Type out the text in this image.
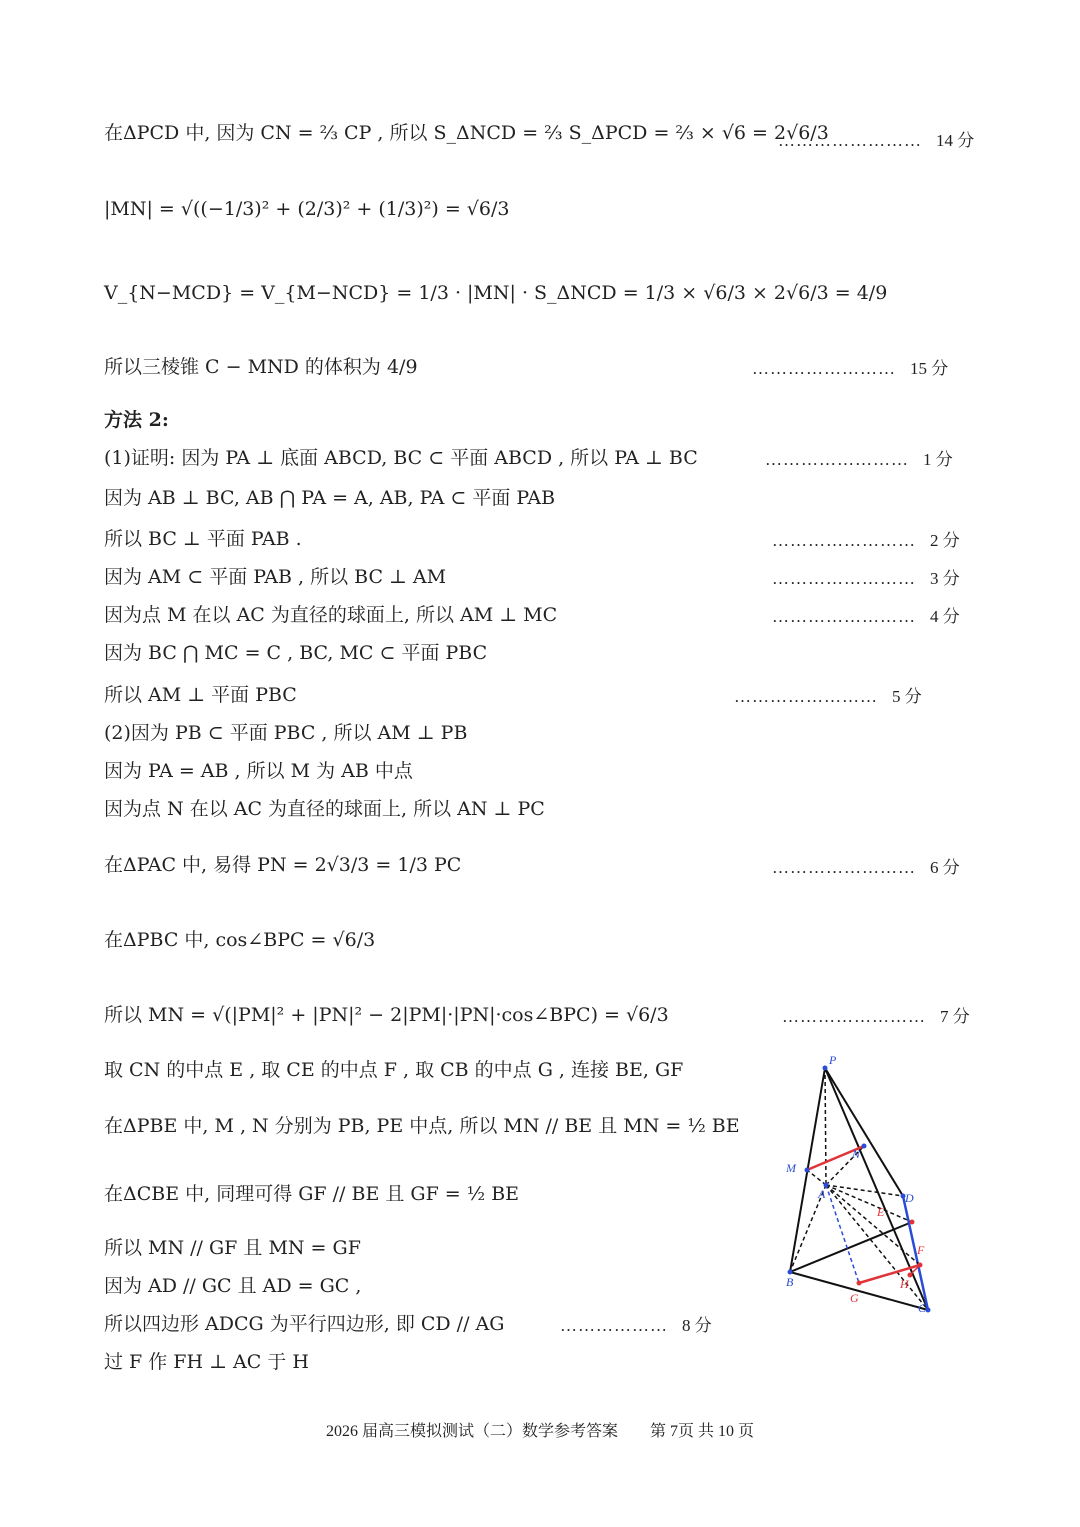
在ΔPCD 中, 因为 CN = ⅔ CP , 所以 S_ΔNCD = ⅔ S_ΔPCD = ⅔ × √6 = 2√6/3
|MN| = √((−1/3)² + (2/3)² + (1/3)²) = √6/3
V_{N−MCD} = V_{M−NCD} = 1/3 · |MN| · S_ΔNCD = 1/3 × √6/3 × 2√6/3 = 4/9
所以三棱锥 C − MND 的体积为 4/9
方法 2:
(1)证明: 因为 PA ⊥ 底面 ABCD, BC ⊂ 平面 ABCD , 所以 PA ⊥ BC
因为 AB ⊥ BC, AB ⋂ PA = A, AB, PA ⊂ 平面 PAB
所以 BC ⊥ 平面 PAB .
因为 AM ⊂ 平面 PAB , 所以 BC ⊥ AM
因为点 M 在以 AC 为直径的球面上, 所以 AM ⊥ MC
因为 BC ⋂ MC = C , BC, MC ⊂ 平面 PBC
所以 AM ⊥ 平面 PBC
(2)因为 PB ⊂ 平面 PBC , 所以 AM ⊥ PB
因为 PA = AB , 所以 M 为 AB 中点
因为点 N 在以 AC 为直径的球面上, 所以 AN ⊥ PC
在ΔPAC 中, 易得 PN = 2√3/3 = 1/3 PC
在ΔPBC 中, cos∠BPC = √6/3
所以 MN = √(|PM|² + |PN|² − 2|PM|·|PN|·cos∠BPC) = √6/3
取 CN 的中点 E , 取 CE 的中点 F , 取 CB 的中点 G , 连接 BE, GF
在ΔPBE 中, M , N 分别为 PB, PE 中点, 所以 MN // BE 且 MN = ½ BE
在ΔCBE 中, 同理可得 GF // BE 且 GF = ½ BE
所以 MN // GF 且 MN = GF
因为 AD // GC 且 AD = GC ,
所以四边形 ADCG 为平行四边形, 即 CD // AG
过 F 作 FH ⊥ AC 于 H
…………………… 14 分
…………………… 15 分
…………………… 1 分
…………………… 2 分
…………………… 3 分
…………………… 4 分
…………………… 5 分
…………………… 6 分
…………………… 7 分
……………… 8 分
P
M
N
A	D
E
F
B
G
H
C
2026 届高三模拟测试（二）数学参考答案　　第 7页 共 10 页
